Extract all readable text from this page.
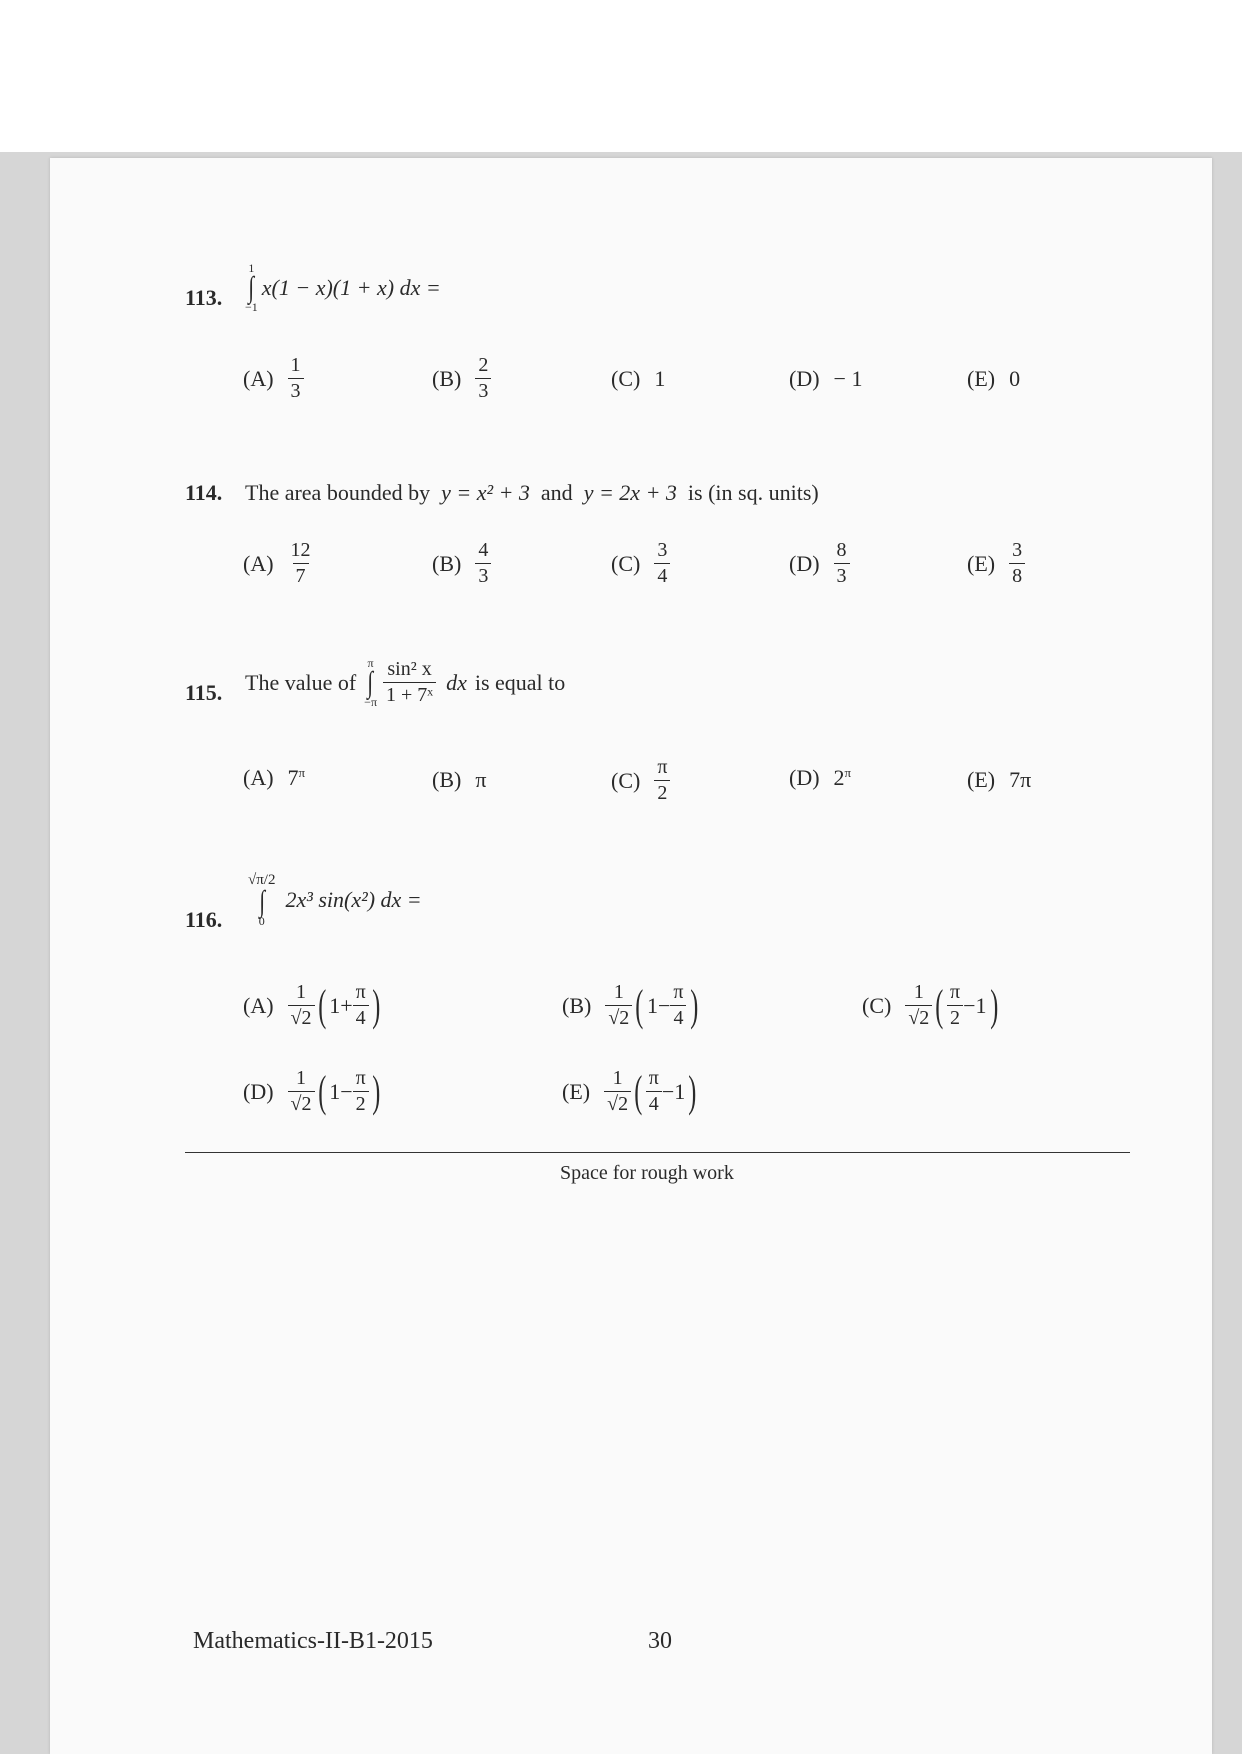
113.
1
∫
−1
x(1 − x)(1 + x) dx =
$(A) \frac{1}{3}$	$(B) \frac{2}{3}$	(C) 1	(D) − 1	(E) 0
114. The area bounded by y = x² + 3 and y = 2x + 3 is (in sq. units)
$(A) \frac{12}{7}$	$(B) \frac{4}{3}$	$(C) \frac{3}{4}$	$(D) \frac{8}{3}$	$(E) \frac{3}{8}$
115. The value of
π
∫
$-\pi \frac{\text{sin² x}}{\text{1 + 7ˣ}}$ dx is equal to
(A) $7^\pi$	(B) π	$(C) \frac{\pi}{2}$	(D) $2^\pi$	(E) 7π
116.
√π/2
∫
0
2x³ sin(x²) dx =
$(A) \frac{1}{√2}$ ( $1+ \frac{\pi}{4}$ )	$(B) \frac{1}{√2}$ ( $1- \frac{\pi}{4}$ )	$(C) \frac{1}{√2}$ ( $\frac{\pi}{2} -1$ )
$(D) \frac{1}{√2}$ ( $1- \frac{\pi}{2}$ )	$(E) \frac{1}{√2}$ ( $\frac{\pi}{4} -1$ )
Space for rough work
Mathematics-II-B1-2015	30
